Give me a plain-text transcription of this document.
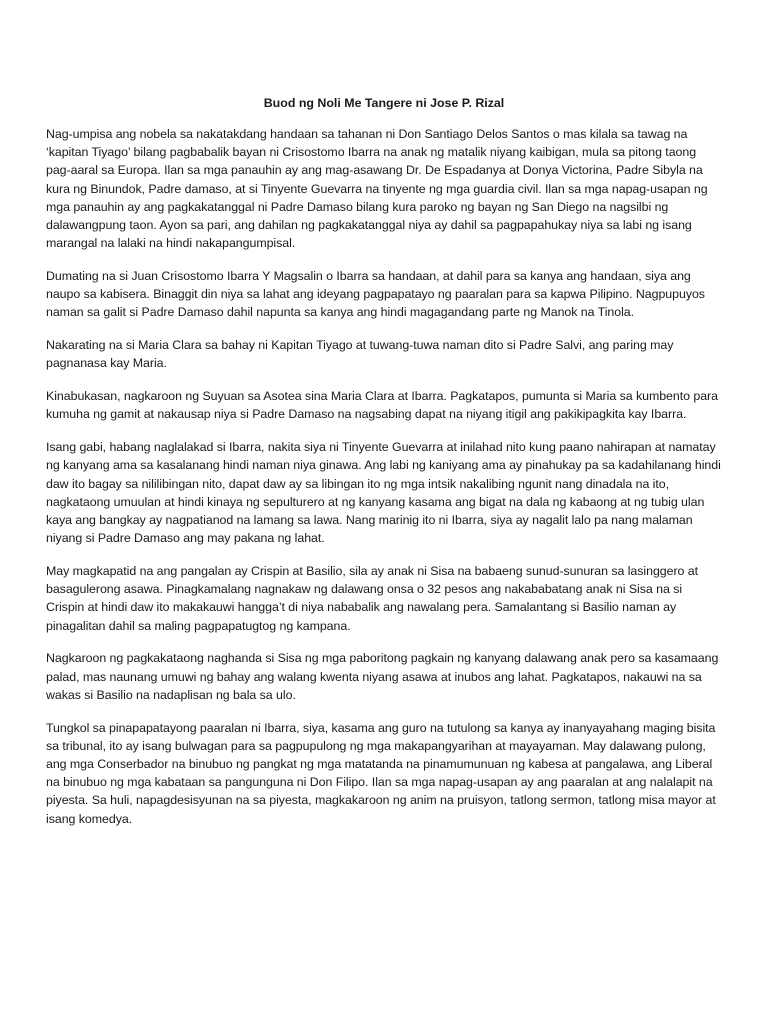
Buod ng Noli Me Tangere ni Jose P. Rizal
Nag-umpisa ang nobela sa nakatakdang handaan sa tahanan ni Don Santiago Delos Santos o mas kilala sa tawag na ‘kapitan Tiyago’ bilang pagbabalik bayan ni Crisostomo Ibarra na anak ng matalik niyang kaibigan, mula sa pitong taong pag-aaral sa Europa. Ilan sa mga panauhin ay ang mag-asawang Dr. De Espadanya at Donya Victorina, Padre Sibyla na kura ng Binundok, Padre damaso, at si Tinyente Guevarra na tinyente ng mga guardia civil. Ilan sa mga napag-usapan ng mga panauhin ay ang pagkakatanggal ni Padre Damaso bilang kura paroko ng bayan ng San Diego na nagsilbi ng dalawangpung taon. Ayon sa pari, ang dahilan ng pagkakatanggal niya ay dahil sa pagpapahukay niya sa labi ng isang marangal na lalaki na hindi nakapangumpisal.
Dumating na si Juan Crisostomo Ibarra Y Magsalin o Ibarra sa handaan, at dahil para sa kanya ang handaan, siya ang naupo sa kabisera. Binaggit din niya sa lahat ang ideyang pagpapatayo ng paaralan para sa kapwa Pilipino. Nagpupuyos naman sa galit si Padre Damaso dahil napunta sa kanya ang hindi magagandang parte ng Manok na Tinola.
Nakarating na si Maria Clara sa bahay ni Kapitan Tiyago at tuwang-tuwa naman dito si Padre Salvi, ang paring may pagnanasa kay Maria.
Kinabukasan, nagkaroon ng Suyuan sa Asotea sina Maria Clara at Ibarra. Pagkatapos, pumunta si Maria sa kumbento para kumuha ng gamit at nakausap niya si Padre Damaso na nagsabing dapat na niyang itigil ang pakikipagkita kay Ibarra.
Isang gabi, habang naglalakad si Ibarra, nakita siya ni Tinyente Guevarra at inilahad nito kung paano nahirapan at namatay ng kanyang ama sa kasalanang hindi naman niya ginawa. Ang labi ng kaniyang ama ay pinahukay pa sa kadahilanang hindi daw ito bagay sa nililibingan nito, dapat daw ay sa libingan ito ng mga intsik nakalibing ngunit nang dinadala na ito, nagkataong umuulan at hindi kinaya ng sepulturero at ng kanyang kasama ang bigat na dala ng kabaong at ng tubig ulan kaya ang bangkay ay nagpatianod na lamang sa lawa. Nang marinig ito ni Ibarra, siya ay nagalit lalo pa nang malaman niyang si Padre Damaso ang may pakana ng lahat.
May magkapatid na ang pangalan ay Crispin at Basilio, sila ay anak ni Sisa na babaeng sunud-sunuran sa lasinggero at basagulerong asawa. Pinagkamalang nagnakaw ng dalawang onsa o 32 pesos ang nakababatang anak ni Sisa na si Crispin at hindi daw ito makakauwi hangga’t di niya nababalik ang nawalang pera. Samalantang si Basilio naman ay pinagalitan dahil sa maling pagpapatugtog ng kampana.
Nagkaroon ng pagkakataong naghanda si Sisa ng mga paboritong pagkain ng kanyang dalawang anak pero sa kasamaang palad, mas naunang umuwi ng bahay ang walang kwenta niyang asawa at inubos ang lahat. Pagkatapos, nakauwi na sa wakas si Basilio na nadaplisan ng bala sa ulo.
Tungkol sa pinapapatayong paaralan ni Ibarra, siya, kasama ang guro na tutulong sa kanya ay inanyayahang maging bisita sa tribunal, ito ay isang bulwagan para sa pagpupulong ng mga makapangyarihan at mayayaman. May dalawang pulong, ang mga Conserbador na binubuo ng pangkat ng mga matatanda na pinamumunuan ng kabesa at pangalawa, ang Liberal na binubuo ng mga kabataan sa pangunguna ni Don Filipo. Ilan sa mga napag-usapan ay ang paaralan at ang nalalapit na piyesta. Sa huli, napagdesisyunan na sa piyesta, magkakaroon ng anim na pruisyon, tatlong sermon, tatlong misa mayor at isang komedya.
